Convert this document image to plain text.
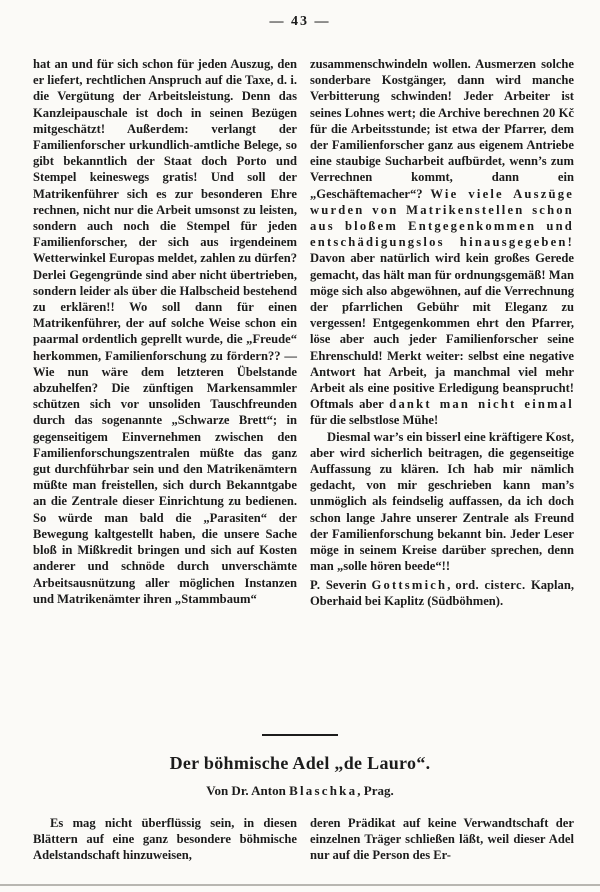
— 43 —

hat an und für sich schon für jeden Auszug, den er liefert, rechtlichen Anspruch auf die Taxe, d. i. die Vergütung der Arbeitsleistung. Denn das Kanzleipauschale ist doch in seinen Bezügen mitgeschätzt! Außerdem: verlangt der Familienforscher urkundlich-amtliche Belege, so gibt bekanntlich der Staat doch Porto und Stempel keineswegs gratis! Und soll der Matrikenführer sich es zur besonderen Ehre rechnen, nicht nur die Arbeit umsonst zu leisten, sondern auch noch die Stempel für jeden Familienforscher, der sich aus irgendeinem Wetterwinkel Europas meldet, zahlen zu dürfen? Derlei Gegengründe sind aber nicht übertrieben, sondern leider als über die Halbscheid bestehend zu erklären!! Wo soll dann für einen Matrikenführer, der auf solche Weise schon ein paarmal ordentlich geprellt wurde, die „Freude“ herkommen, Familienforschung zu fördern?? — Wie nun wäre dem letzteren Übelstande abzuhelfen? Die zünftigen Markensammler schützen sich vor unsoliden Tauschfreunden durch das sogenannte „Schwarze Brett“; in gegenseitigem Einvernehmen zwischen den Familienforschungszentralen müßte das ganz gut durchführbar sein und den Matrikenämtern müßte man freistellen, sich durch Bekanntgabe an die Zentrale dieser Einrichtung zu bedienen. So würde man bald die „Parasiten“ der Bewegung kaltgestellt haben, die unsere Sache bloß in Mißkredit bringen und sich auf Kosten anderer und schnöde durch unverschämte Arbeitsausnützung aller möglichen Instanzen und Matrikenämter ihren „Stammbaum“

zusammenschwindeln wollen. Ausmerzen solche sonderbare Kostgänger, dann wird manche Verbitterung schwinden! Jeder Arbeiter ist seines Lohnes wert; die Archive berechnen 20 Kč für die Arbeitsstunde; ist etwa der Pfarrer, dem der Familienforscher ganz aus eigenem Antriebe eine staubige Sucharbeit aufbürdet, wenn’s zum Verrechnen kommt, dann ein „Geschäftemacher“? Wie viele Auszüge wurden von Matrikenstellen schon aus bloßem Entgegenkommen und entschädigungslos hinausgegeben! Davon aber natürlich wird kein großes Gerede gemacht, das hält man für ordnungsgemäß! Man möge sich also abgewöhnen, auf die Verrechnung der pfarrlichen Gebühr mit Eleganz zu vergessen! Entgegenkommen ehrt den Pfarrer, löse aber auch jeder Familienforscher seine Ehrenschuld! Merkt weiter: selbst eine negative Antwort hat Arbeit, ja manchmal viel mehr Arbeit als eine positive Erledigung beansprucht! Oftmals aber dankt man nicht einmal für die selbstlose Mühe!

Diesmal war’s ein bisserl eine kräftigere Kost, aber wird sicherlich beitragen, die gegenseitige Auffassung zu klären. Ich hab mir nämlich gedacht, von mir geschrieben kann man’s unmöglich als feindselig auffassen, da ich doch schon lange Jahre unserer Zentrale als Freund der Familienforschung bekannt bin. Jeder Leser möge in seinem Kreise darüber sprechen, denn man „solle hören beede“!!

P. Severin Gottsmich, ord. cisterc. Kaplan, Oberhaid bei Kaplitz (Südböhmen).

Der böhmische Adel „de Lauro“.
Von Dr. Anton Blaschka, Prag.

Es mag nicht überflüssig sein, in diesen Blättern auf eine ganz besondere böhmische Adelstandschaft hinzuweisen,

deren Prädikat auf keine Verwandtschaft der einzelnen Träger schließen läßt, weil dieser Adel nur auf die Person des Er-
